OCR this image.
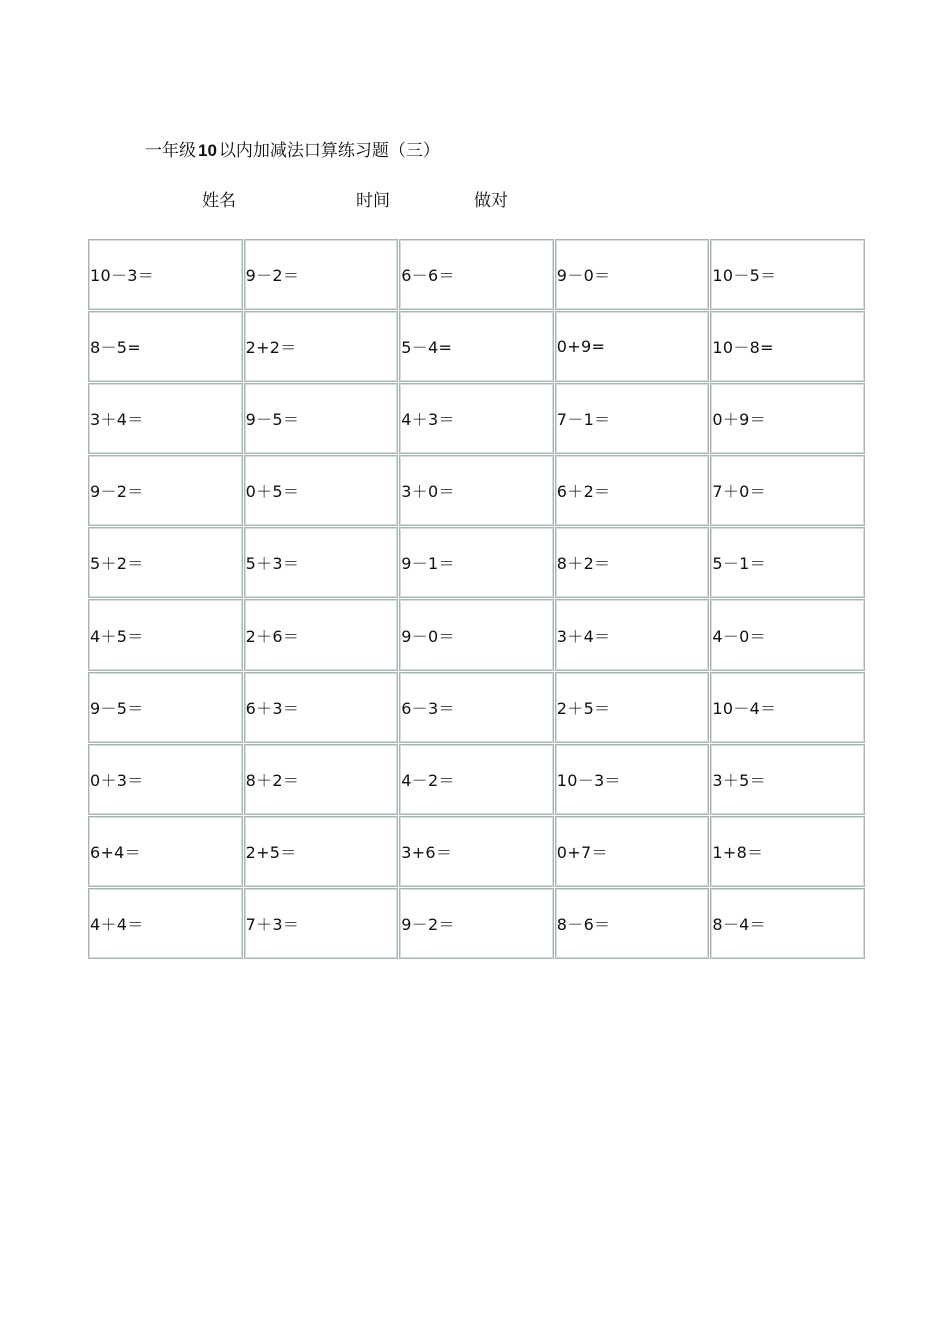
一年级 10 以内加减法口算练习题（三）
姓名	时间	做对
10－3＝	9－2＝	6－6＝	9－0＝	10－5＝
8－5=	2+2＝	5－4=	0+9=	10－8=
3＋4＝	9－5＝	4＋3＝	7－1＝	0＋9＝
9－2＝	0＋5＝	3＋0＝	6＋2＝	7＋0＝
5＋2＝	5＋3＝	9－1＝	8＋2＝	5－1＝
4＋5＝	2＋6＝	9－0＝	3＋4＝	4－0＝
9－5＝	6＋3＝	6－3＝	2＋5＝	10－4＝
0＋3＝	8＋2＝	4－2＝	10－3＝	3＋5＝
6+4＝	2+5＝	3+6＝	0+7＝	1+8＝
4＋4＝	7＋3＝	9－2＝	8－6＝	8－4＝
